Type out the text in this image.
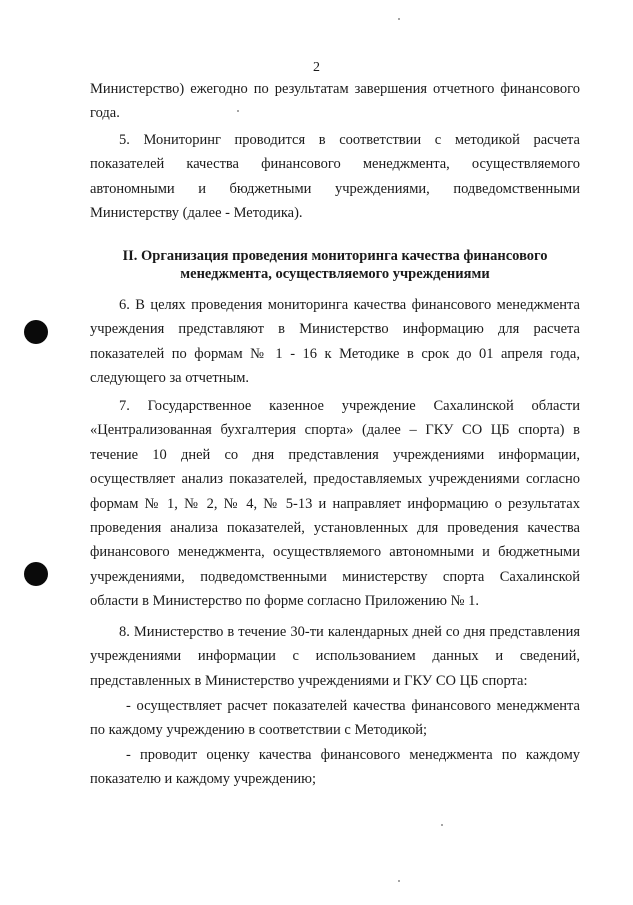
2
Министерство) ежегодно по результатам завершения отчетного финансового года.
5. Мониторинг проводится в соответствии с методикой расчета показателей качества финансового менеджмента, осуществляемого автономными и бюджетными учреждениями, подведомственными Министерству (далее - Методика).
II. Организация проведения мониторинга качества финансового менеджмента, осуществляемого учреждениями
6. В целях проведения мониторинга качества финансового менеджмента учреждения представляют в Министерство информацию для расчета показателей по формам № 1 - 16 к Методике в срок до 01 апреля года, следующего за отчетным.
7. Государственное казенное учреждение Сахалинской области «Централизованная бухгалтерия спорта» (далее – ГКУ СО ЦБ спорта) в течение 10 дней со дня представления учреждениями информации, осуществляет анализ показателей, предоставляемых учреждениями согласно формам № 1, № 2, № 4, № 5-13 и направляет информацию о результатах проведения анализа показателей, установленных для проведения качества финансового менеджмента, осуществляемого автономными и бюджетными учреждениями, подведомственными министерству спорта Сахалинской области в Министерство по форме согласно Приложению № 1.
8. Министерство в течение 30-ти календарных дней со дня представления учреждениями информации с использованием данных и сведений, представленных в Министерство учреждениями и ГКУ СО ЦБ спорта:
- осуществляет расчет показателей качества финансового менеджмента по каждому учреждению в соответствии с Методикой;
- проводит оценку качества финансового менеджмента по каждому показателю и каждому учреждению;
